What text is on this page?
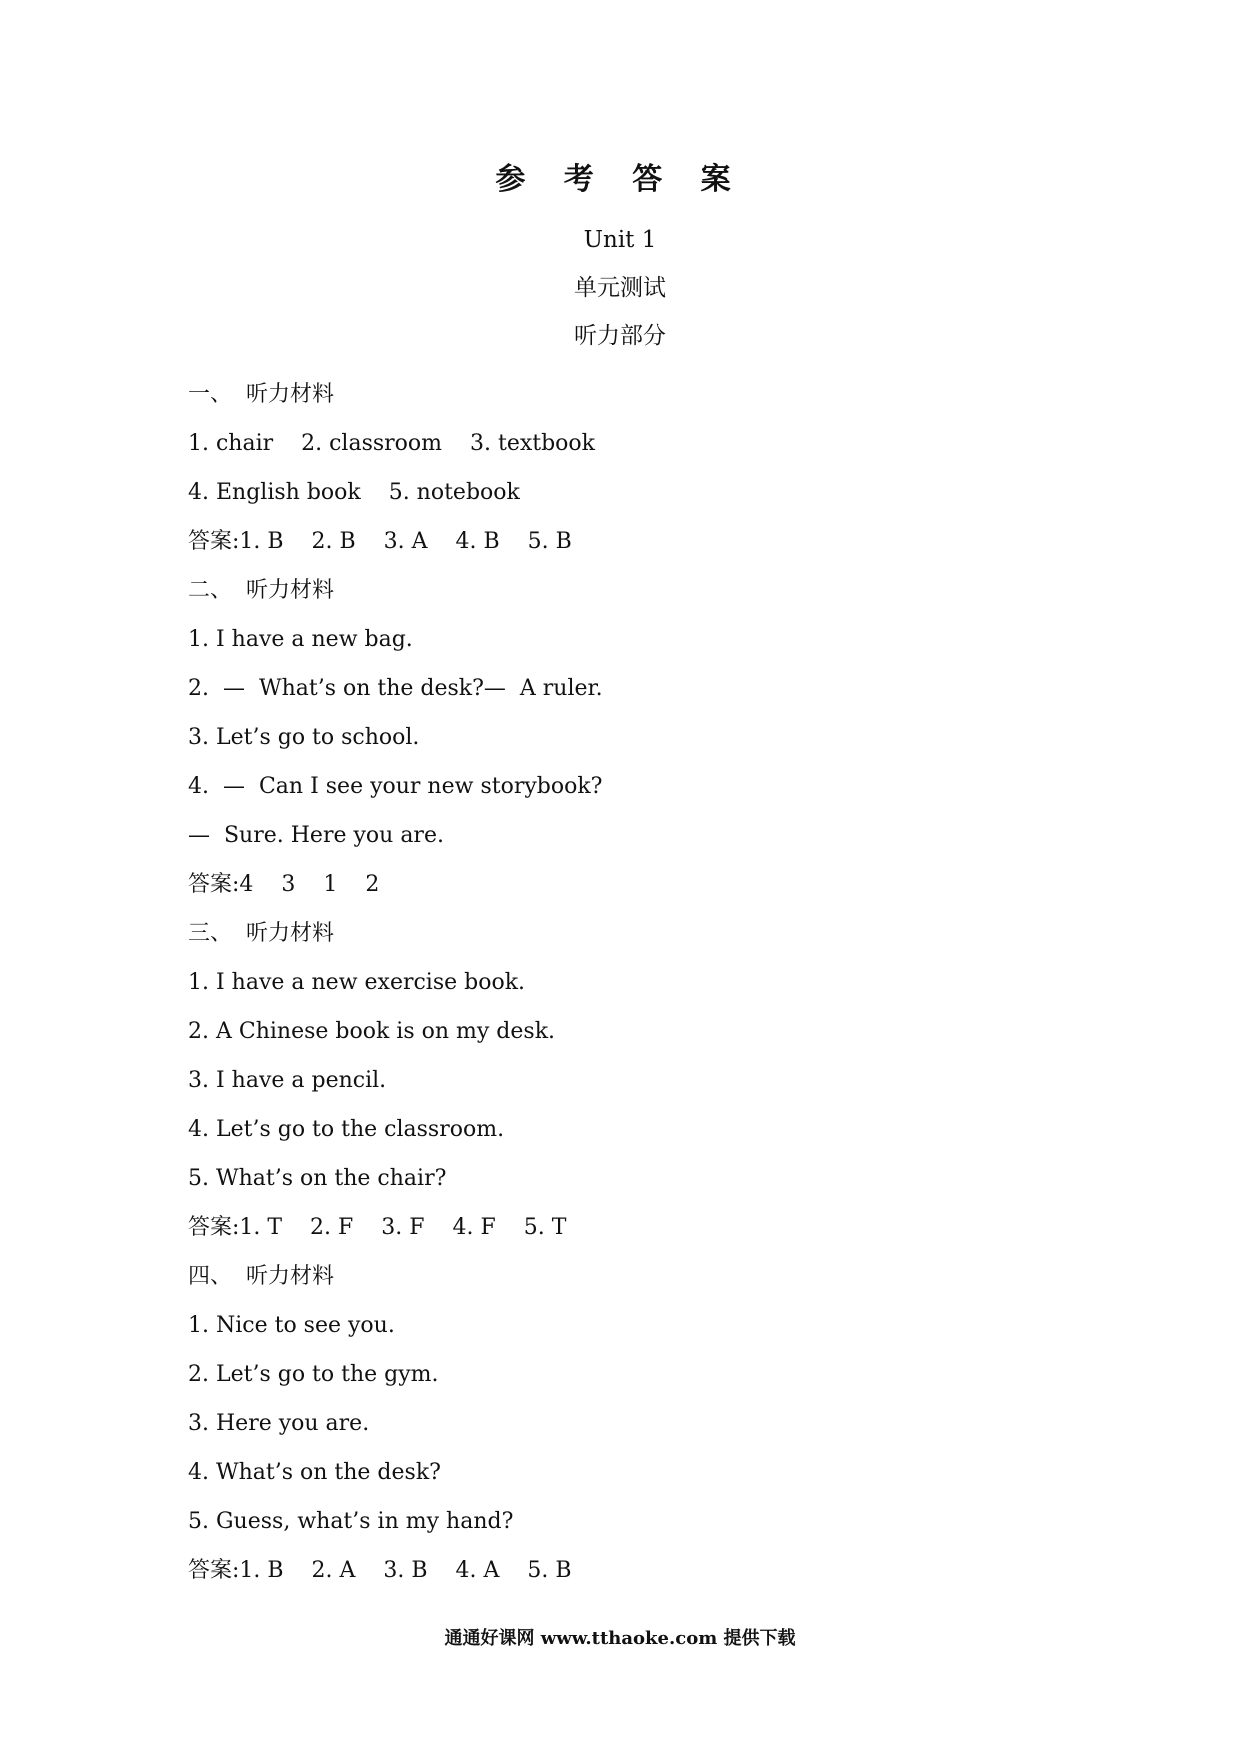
参 考 答 案
Unit 1
单元测试
听力部分
一、  听力材料
1. chair    2. classroom    3. textbook
4. English book    5. notebook
答案:1. B    2. B    3. A    4. B    5. B
二、  听力材料
1. I have a new bag.
2.  —  What’s on the desk?—  A ruler.
3. Let’s go to school.
4.  —  Can I see your new storybook?
—  Sure. Here you are.
答案:4    3    1    2
三、  听力材料
1. I have a new exercise book.
2. A Chinese book is on my desk.
3. I have a pencil.
4. Let’s go to the classroom.
5. What’s on the chair?
答案:1. T    2. F    3. F    4. F    5. T
四、  听力材料
1. Nice to see you.
2. Let’s go to the gym.
3. Here you are.
4. What’s on the desk?
5. Guess, what’s in my hand?
答案:1. B    2. A    3. B    4. A    5. B
通通好课网 www.tthaoke.com 提供下载
